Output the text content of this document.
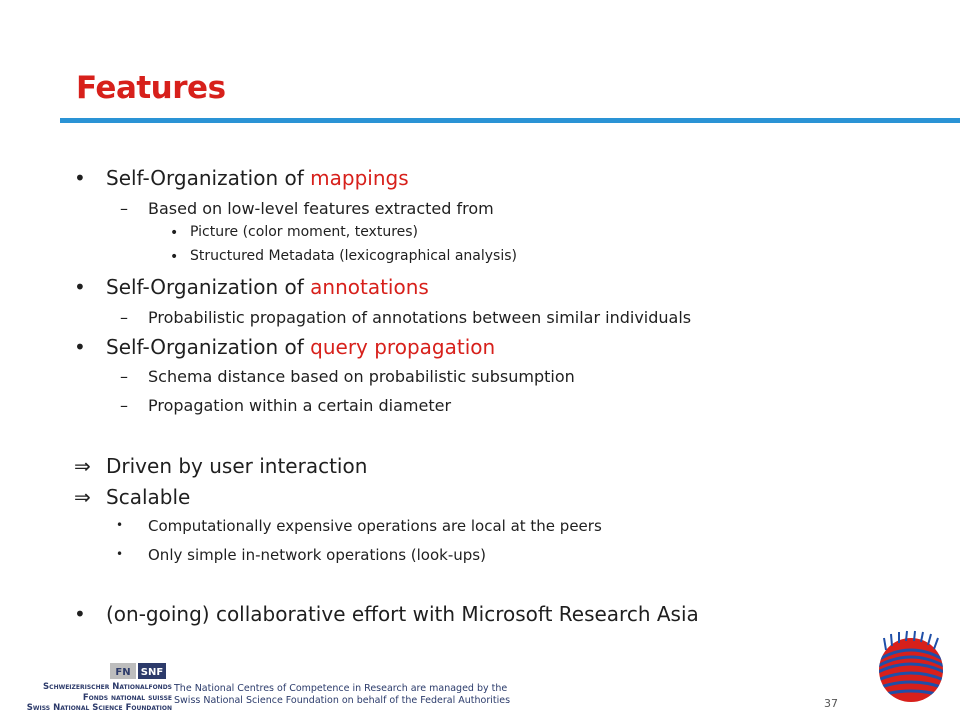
Features
• Self-Organization of mappings
– Based on low-level features extracted from
• Picture (color moment, textures)
• Structured Metadata (lexicographical analysis)
• Self-Organization of annotations
– Probabilistic propagation of annotations between similar individuals
• Self-Organization of query propagation
– Schema distance based on probabilistic subsumption
– Propagation within a certain diameter
⇒ Driven by user interaction
⇒ Scalable
• Computationally expensive operations are local at the peers
• Only simple in-network operations (look-ups)
• (on-going) collaborative effort with Microsoft Research Asia
FN SNF
Schweizerischer Nationalfonds
Fonds national suisse
Swiss National Science Foundation
The National Centres of Competence in Research are managed by the
Swiss National Science Foundation on behalf of the Federal Authorities	37
